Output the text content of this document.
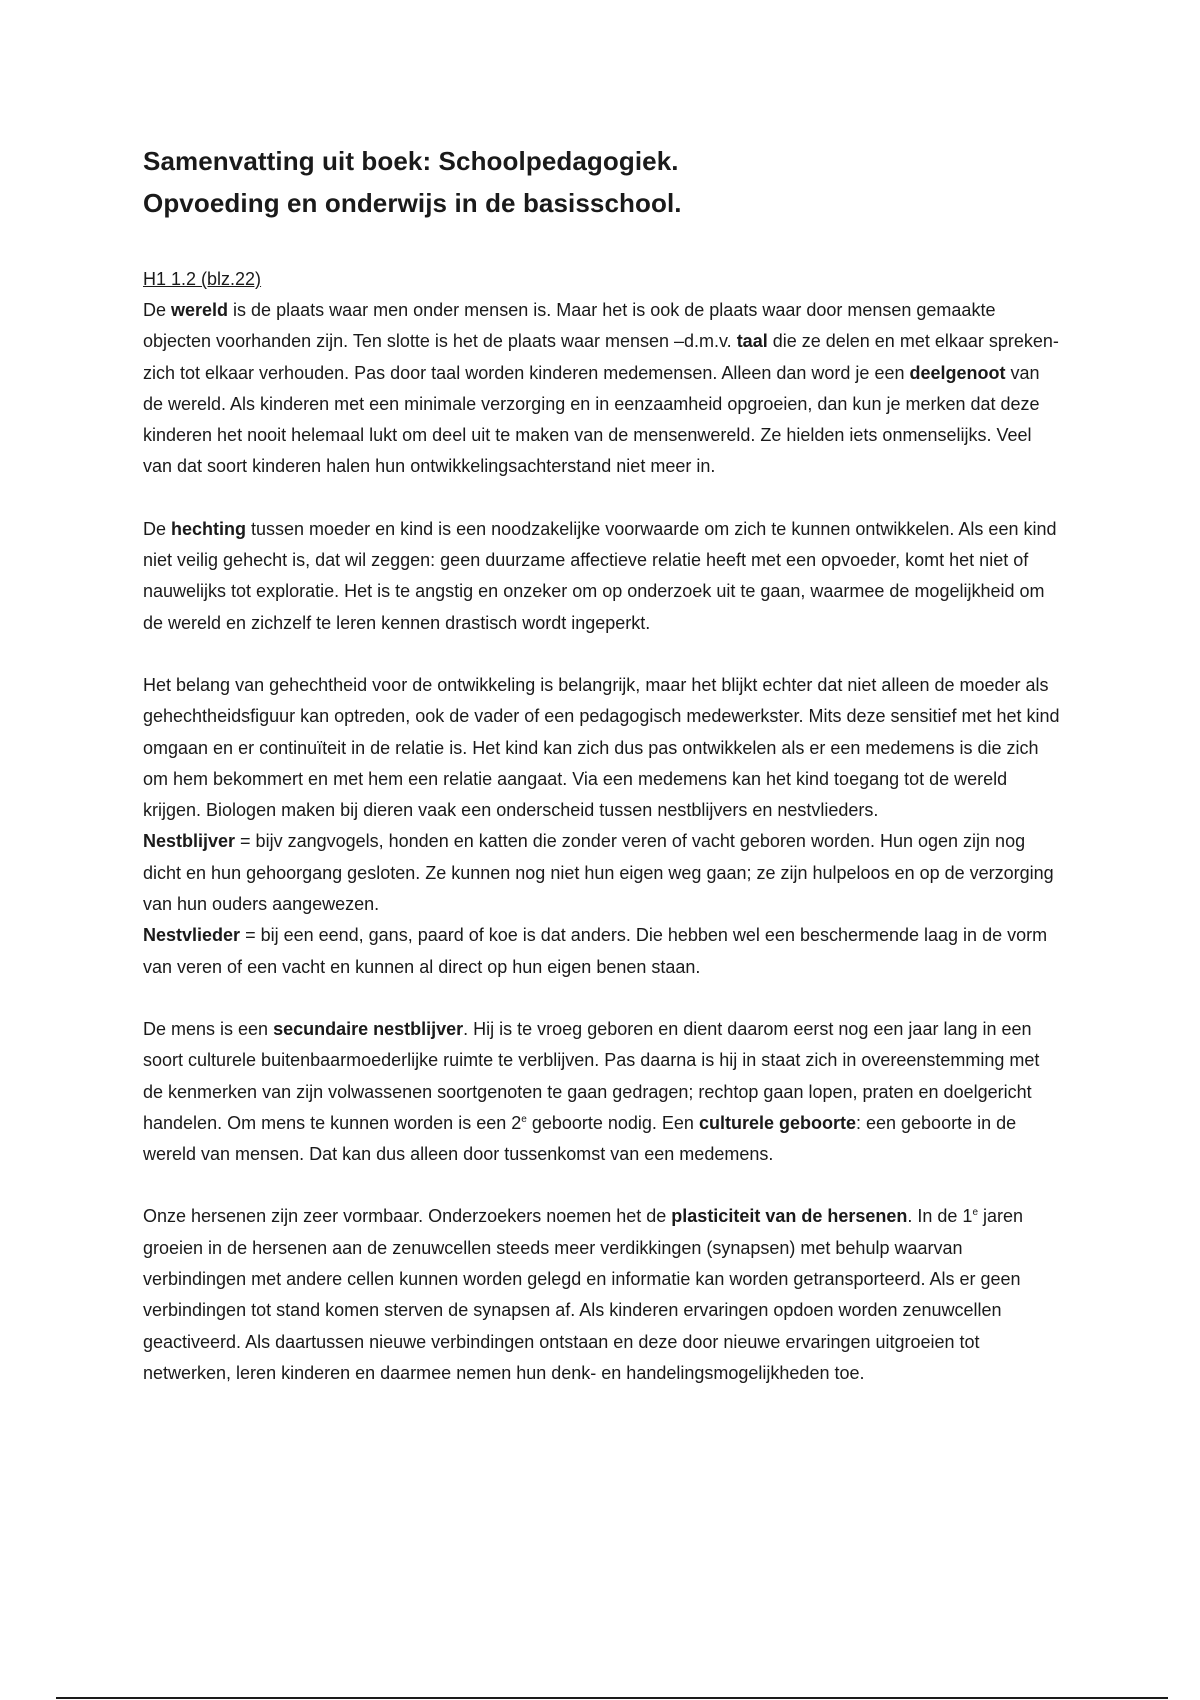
Samenvatting uit boek: Schoolpedagogiek.
Opvoeding en onderwijs in de basisschool.
H1 1.2 (blz.22)

De wereld is de plaats waar men onder mensen is. Maar het is ook de plaats waar door mensen gemaakte objecten voorhanden zijn. Ten slotte is het de plaats waar mensen –d.m.v. taal die ze delen en met elkaar spreken- zich tot elkaar verhouden. Pas door taal worden kinderen medemensen. Alleen dan word je een deelgenoot van de wereld. Als kinderen met een minimale verzorging en in eenzaamheid opgroeien, dan kun je merken dat deze kinderen het nooit helemaal lukt om deel uit te maken van de mensenwereld. Ze hielden iets onmenselijks. Veel van dat soort kinderen halen hun ontwikkelingsachterstand niet meer in.

De hechting tussen moeder en kind is een noodzakelijke voorwaarde om zich te kunnen ontwikkelen. Als een kind niet veilig gehecht is, dat wil zeggen: geen duurzame affectieve relatie heeft met een opvoeder, komt het niet of nauwelijks tot exploratie. Het is te angstig en onzeker om op onderzoek uit te gaan, waarmee de mogelijkheid om de wereld en zichzelf te leren kennen drastisch wordt ingeperkt.

Het belang van gehechtheid voor de ontwikkeling is belangrijk, maar het blijkt echter dat niet alleen de moeder als gehechtheidsfiguur kan optreden, ook de vader of een pedagogisch medewerkster. Mits deze sensitief met het kind omgaan en er continuïteit in de relatie is. Het kind kan zich dus pas ontwikkelen als er een medemens is die zich om hem bekommert en met hem een relatie aangaat. Via een medemens kan het kind toegang tot de wereld krijgen. Biologen maken bij dieren vaak een onderscheid tussen nestblijvers en nestvlieders.

Nestblijver = bijv zangvogels, honden en katten die zonder veren of vacht geboren worden. Hun ogen zijn nog dicht en hun gehoorgang gesloten. Ze kunnen nog niet hun eigen weg gaan; ze zijn hulpeloos en op de verzorging van hun ouders aangewezen.

Nestvlieder = bij een eend, gans, paard of koe is dat anders. Die hebben wel een beschermende laag in de vorm van veren of een vacht en kunnen al direct op hun eigen benen staan.

De mens is een secundaire nestblijver. Hij is te vroeg geboren en dient daarom eerst nog een jaar lang in een soort culturele buitenbaarmoederlijke ruimte te verblijven. Pas daarna is hij in staat zich in overeenstemming met de kenmerken van zijn volwassenen soortgenoten te gaan gedragen; rechtop gaan lopen, praten en doelgericht handelen. Om mens te kunnen worden is een 2e geboorte nodig. Een culturele geboorte: een geboorte in de wereld van mensen. Dat kan dus alleen door tussenkomst van een medemens.

Onze hersenen zijn zeer vormbaar. Onderzoekers noemen het de plasticiteit van de hersenen. In de 1e jaren groeien in de hersenen aan de zenuwcellen steeds meer verdikkingen (synapsen) met behulp waarvan verbindingen met andere cellen kunnen worden gelegd en informatie kan worden getransporteerd. Als er geen verbindingen tot stand komen sterven de synapsen af. Als kinderen ervaringen opdoen worden zenuwcellen geactiveerd. Als daartussen nieuwe verbindingen ontstaan en deze door nieuwe ervaringen uitgroeien tot netwerken, leren kinderen en daarmee nemen hun denk- en handelingsmogelijkheden toe.
